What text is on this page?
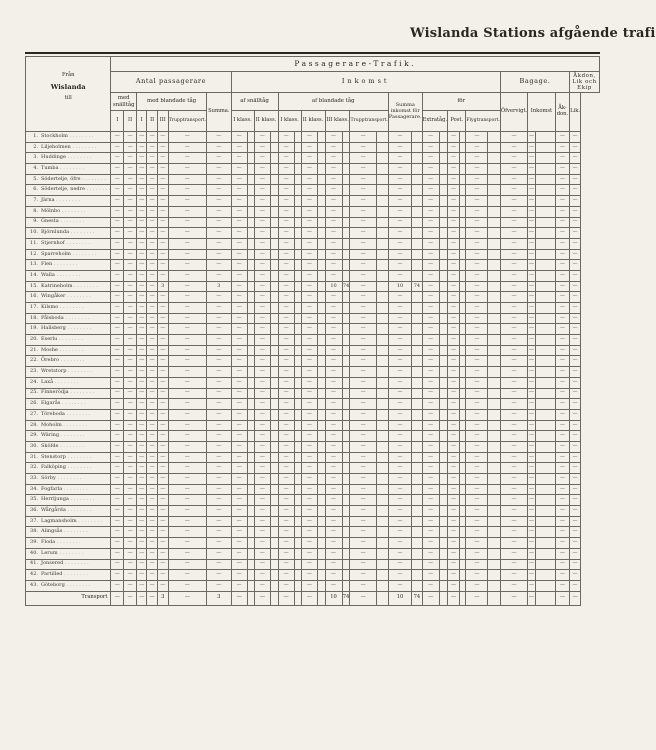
Wislanda Stations afgående trafi
Från
Wislanda
till	Passagerare-Trafik.																															
	Antal passagerare							Inkomst																				Bagage.				Åkdon, Lik och Ekip
	med snälltåg		med blandade tåg				Summa.	af snälltåg				af blandade tåg								Summa inkomst för Passagerare.		för						Öfvervigt.	Inkomst		Åk-don.	Lik.
	I	II	I	II	III	Trupptransport.		I klass.		II klass.		I klass.		II klass.		III klass.		Trupptransport.				Extratåg.		Post.		Flygtransport.						
1. Stockholm . . . . . . . .	—	—	—	—	—	—	—	—		—		—		—		—		—		—		—		—		—		—	—		—	—
2. Liljeholmen . . . . . . . .	—	—	—	—	—	—	—	—		—		—		—		—		—		—		—		—		—		—	—		—	—
3. Huddinge . . . . . . . .	—	—	—	—	—	—	—	—		—		—		—		—		—		—		—		—		—		—	—		—	—
4. Tumba . . . . . . . .	—	—	—	—	—	—	—	—		—		—		—		—		—		—		—		—		—		—	—		—	—
5. Södertelje, öfre . . . . . . . .	—	—	—	—	—	—	—	—		—		—		—		—		—		—		—		—		—		—	—		—	—
6. Södertelje, nedre . . . . . . . .	—	—	—	—	—	—	—	—		—		—		—		—		—		—		—		—		—		—	—		—	—
7. Järna . . . . . . . .	—	—	—	—	—	—	—	—		—		—		—		—		—		—		—		—		—		—	—		—	—
8. Mölnbo . . . . . . . .	—	—	—	—	—	—	—	—		—		—		—		—		—		—		—		—		—		—	—		—	—
9. Gnesta . . . . . . . .	—	—	—	—	—	—	—	—		—		—		—		—		—		—		—		—		—		—	—		—	—
10. Björnlunda . . . . . . . .	—	—	—	—	—	—	—	—		—		—		—		—		—		—		—		—		—		—	—		—	—
11. Stjernhof . . . . . . . .	—	—	—	—	—	—	—	—		—		—		—		—		—		—		—		—		—		—	—		—	—
12. Sparreholm . . . . . . . .	—	—	—	—	—	—	—	—		—		—		—		—		—		—		—		—		—		—	—		—	—
13. Flen . . . . . . . .	—	—	—	—	—	—	—	—		—		—		—		—		—		—		—		—		—		—	—		—	—
14. Walla . . . . . . . .	—	—	—	—	—	—	—	—		—		—		—		—		—		—		—		—		—		—	—		—	—
15. Katrineholm . . . . . . . .	—	—	—	—	3	—	3	—		—		—		—		10	74	—		10	74	—		—		—		—	—		—	—
16. Wingåker . . . . . . . .	—	—	—	—	—	—	—	—		—		—		—		—		—		—		—		—		—		—	—		—	—
17. Kilsmo . . . . . . . .	—	—	—	—	—	—	—	—		—		—		—		—		—		—		—		—		—		—	—		—	—
18. Pålsboda . . . . . . . .	—	—	—	—	—	—	—	—		—		—		—		—		—		—		—		—		—		—	—		—	—
19. Hallsberg . . . . . . . .	—	—	—	—	—	—	—	—		—		—		—		—		—		—		—		—		—		—	—		—	—
20. Eserlu . . . . . . . .	—	—	—	—	—	—	—	—		—		—		—		—		—		—		—		—		—		—	—		—	—
21. Moshe . . . . . . . .	—	—	—	—	—	—	—	—		—		—		—		—		—		—		—		—		—		—	—		—	—
22. Örebro . . . . . . . .	—	—	—	—	—	—	—	—		—		—		—		—		—		—		—		—		—		—	—		—	—
23. Wretstorp . . . . . . . .	—	—	—	—	—	—	—	—		—		—		—		—		—		—		—		—		—		—	—		—	—
24. Laxå . . . . . . . .	—	—	—	—	—	—	—	—		—		—		—		—		—		—		—		—		—		—	—		—	—
25. Finnerödja . . . . . . . .	—	—	—	—	—	—	—	—		—		—		—		—		—		—		—		—		—		—	—		—	—
26. Elgarås . . . . . . . .	—	—	—	—	—	—	—	—		—		—		—		—		—		—		—		—		—		—	—		—	—
27. Töreboda . . . . . . . .	—	—	—	—	—	—	—	—		—		—		—		—		—		—		—		—		—		—	—		—	—
28. Moholm . . . . . . . .	—	—	—	—	—	—	—	—		—		—		—		—		—		—		—		—		—		—	—		—	—
29. Wäring . . . . . . . .	—	—	—	—	—	—	—	—		—		—		—		—		—		—		—		—		—		—	—		—	—
30. Sköfde . . . . . . . .	—	—	—	—	—	—	—	—		—		—		—		—		—		—		—		—		—		—	—		—	—
31. Stenstorp . . . . . . . .	—	—	—	—	—	—	—	—		—		—		—		—		—		—		—		—		—		—	—		—	—
32. Falköping . . . . . . . .	—	—	—	—	—	—	—	—		—		—		—		—		—		—		—		—		—		—	—		—	—
33. Sörby . . . . . . . .	—	—	—	—	—	—	—	—		—		—		—		—		—		—		—		—		—		—	—		—	—
34. Fogfarla . . . . . . . .	—	—	—	—	—	—	—	—		—		—		—		—		—		—		—		—		—		—	—		—	—
35. Herrljunga . . . . . . . .	—	—	—	—	—	—	—	—		—		—		—		—		—		—		—		—		—		—	—		—	—
36. Wårgårda . . . . . . . .	—	—	—	—	—	—	—	—		—		—		—		—		—		—		—		—		—		—	—		—	—
37. Lagmansholm . . . . . . . .	—	—	—	—	—	—	—	—		—		—		—		—		—		—		—		—		—		—	—		—	—
38. Alingsås . . . . . . . .	—	—	—	—	—	—	—	—		—		—		—		—		—		—		—		—		—		—	—		—	—
39. Floda . . . . . . . .	—	—	—	—	—	—	—	—		—		—		—		—		—		—		—		—		—		—	—		—	—
40. Lerum . . . . . . . .	—	—	—	—	—	—	—	—		—		—		—		—		—		—		—		—		—		—	—		—	—
41. Jonsered . . . . . . . .	—	—	—	—	—	—	—	—		—		—		—		—		—		—		—		—		—		—	—		—	—
42. Partilled . . . . . . . .	—	—	—	—	—	—	—	—		—		—		—		—		—		—		—		—		—		—	—		—	—
43. Göteborg . . . . . . . .	—	—	—	—	—	—	—	—		—		—		—		—		—		—		—		—		—		—	—		—	—
Transport	—	—	—	—	3	—	3	—		—		—		—		10	74	—		10	74	—		—		—		—	—		—	—
